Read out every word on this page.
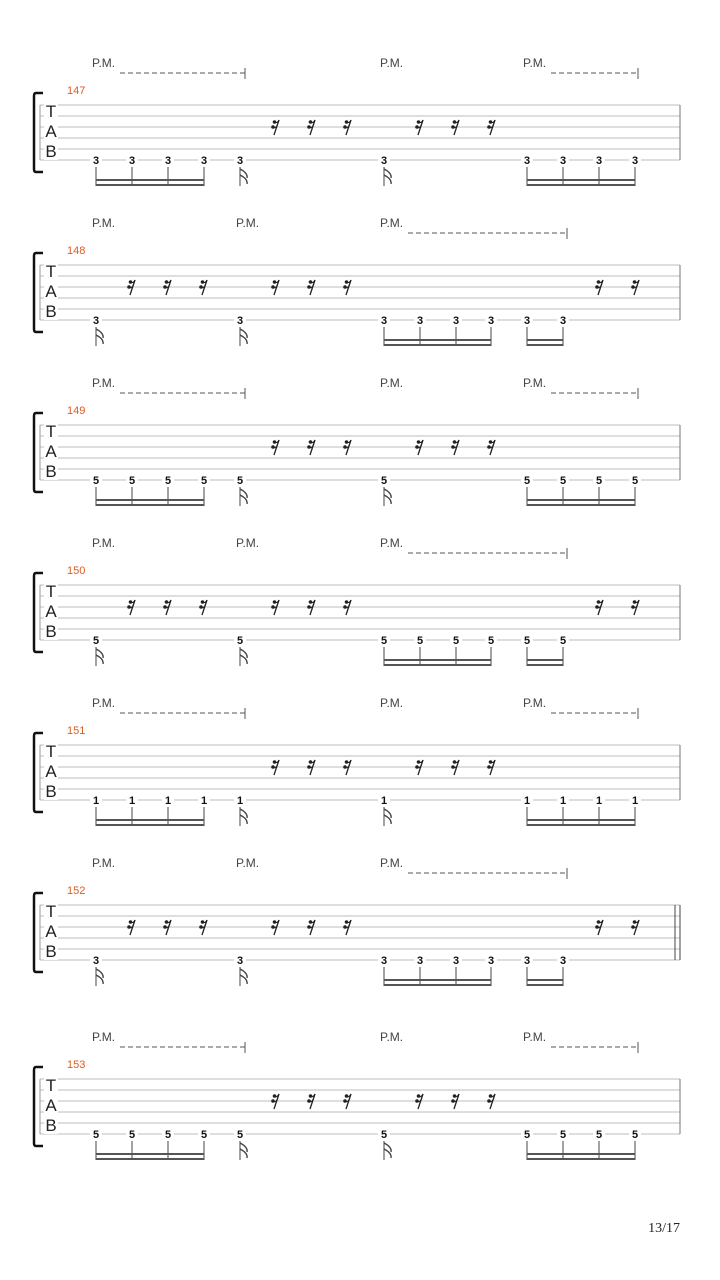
P.M.	P.M.	P.M.
147
T
A
B	3	3	3	3	3	3	3	3	3	3
P.M.	P.M.	P.M.
148
T
A
B	3	3	3	3	3	3	3	3
P.M.	P.M.	P.M.
149
T
A
B	5	5	5	5	5	5	5	5	5	5
P.M.	P.M.	P.M.
150
T
A
B	5	5	5	5	5	5	5	5
P.M.	P.M.	P.M.
151
T
A
B	1	1	1	1	1	1	1	1	1	1
P.M.	P.M.	P.M.
152
T
A
B	3	3	3	3	3	3	3	3
P.M.	P.M.	P.M.
153
T
A
B	5	5	5	5	5	5	5	5	5	5
13/17
